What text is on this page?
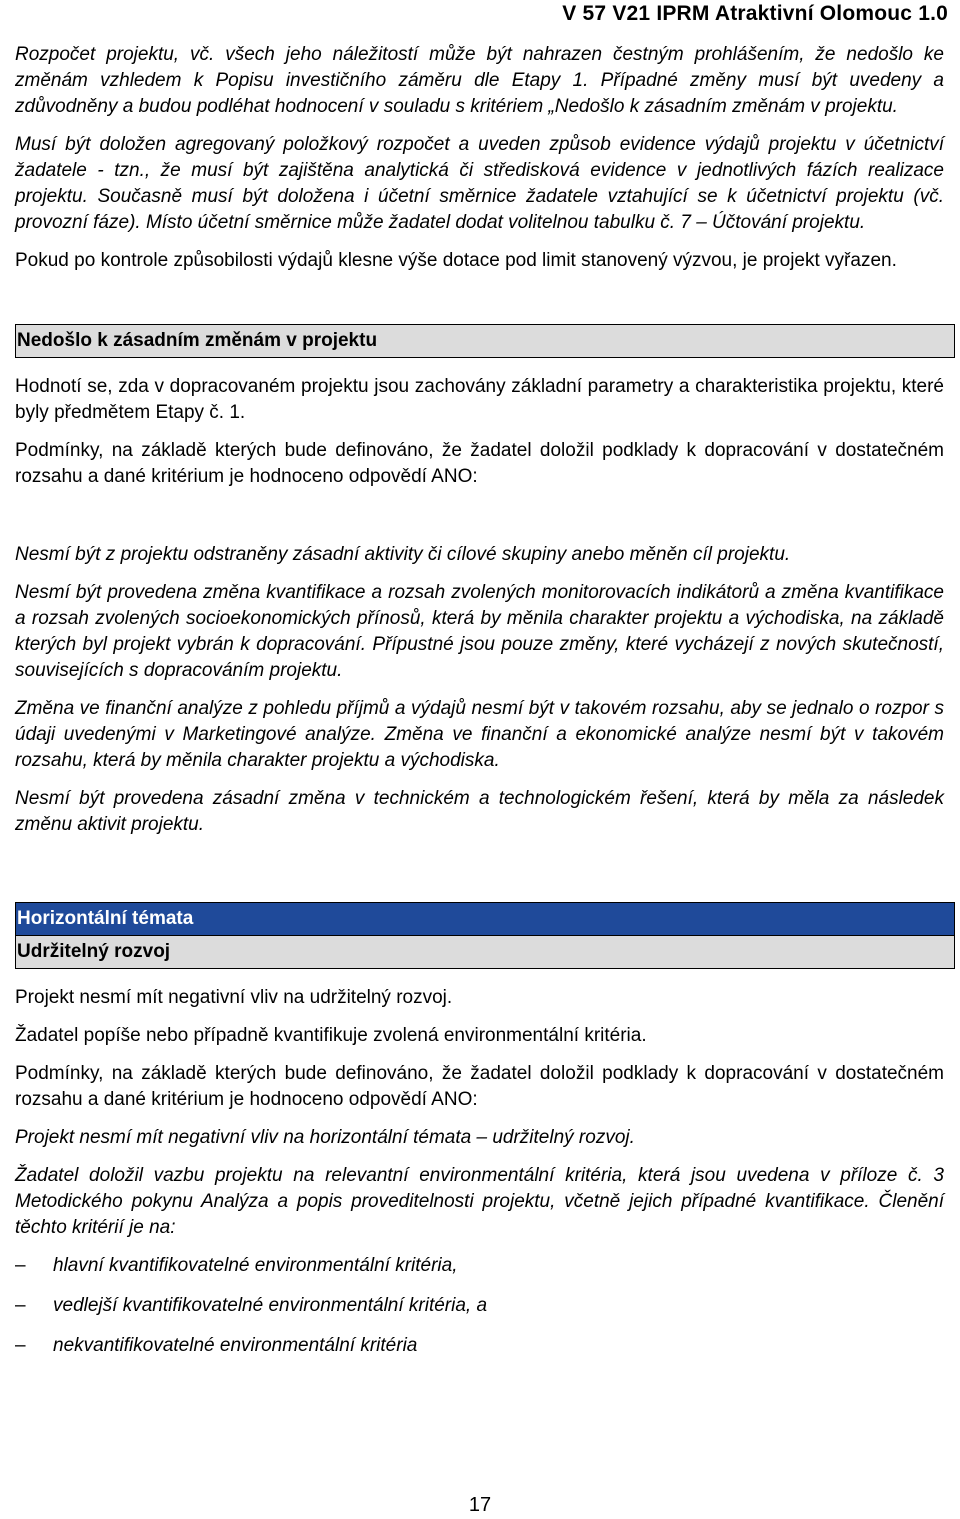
V 57 V21 IPRM Atraktivní Olomouc 1.0

Rozpočet projektu, vč. všech jeho náležitostí může být nahrazen čestným prohlášením, že nedošlo ke změnám vzhledem k Popisu investičního záměru dle Etapy 1. Případné změny musí být uvedeny a zdůvodněny a budou podléhat hodnocení v souladu s kritériem „Nedošlo k zásadním změnám v projektu.

Musí být doložen agregovaný položkový rozpočet a uveden způsob evidence výdajů projektu v účetnictví žadatele - tzn., že musí být zajištěna analytická či středisková evidence v jednotlivých fázích realizace projektu. Současně musí být doložena i účetní směrnice žadatele vztahující se k účetnictví projektu (vč. provozní fáze). Místo účetní směrnice může žadatel dodat volitelnou tabulku č. 7 – Účtování projektu.

Pokud po kontrole způsobilosti výdajů klesne výše dotace pod limit stanovený výzvou, je projekt vyřazen.

Nedošlo k zásadním změnám v projektu

Hodnotí se, zda v dopracovaném projektu jsou zachovány základní parametry a charakteristika projektu, které byly předmětem Etapy č. 1.

Podmínky, na základě kterých bude definováno, že žadatel doložil podklady k dopracování v dostatečném rozsahu a dané kritérium je hodnoceno odpovědí ANO:

Nesmí být z projektu odstraněny zásadní aktivity či cílové skupiny anebo měněn cíl projektu.

Nesmí být provedena změna kvantifikace a rozsah zvolených monitorovacích indikátorů a změna kvantifikace a rozsah zvolených socioekonomických přínosů, která by měnila charakter projektu a východiska, na základě kterých byl projekt vybrán k dopracování. Přípustné jsou pouze změny, které vycházejí z nových skutečností, souvisejících s dopracováním projektu.

Změna ve finanční analýze z pohledu příjmů a výdajů nesmí být v takovém rozsahu, aby se jednalo o rozpor s údaji uvedenými v Marketingové analýze. Změna ve finanční a ekonomické analýze nesmí být v takovém rozsahu, která by měnila charakter projektu a východiska.

Nesmí být provedena zásadní změna v technickém a technologickém řešení, která by měla za následek změnu aktivit projektu.

Horizontální témata
Udržitelný rozvoj

Projekt nesmí mít negativní vliv na udržitelný rozvoj.

Žadatel popíše nebo případně kvantifikuje zvolená environmentální kritéria.

Podmínky, na základě kterých bude definováno, že žadatel doložil podklady k dopracování v dostatečném rozsahu a dané kritérium je hodnoceno odpovědí ANO:

Projekt nesmí mít negativní vliv na horizontální témata – udržitelný rozvoj.

Žadatel doložil vazbu projektu na relevantní environmentální kritéria, která jsou uvedena v příloze č. 3 Metodického pokynu Analýza a popis proveditelnosti projektu, včetně jejich případné kvantifikace. Členění těchto kritérií je na:

– hlavní kvantifikovatelné environmentální kritéria,
– vedlejší kvantifikovatelné environmentální kritéria, a
– nekvantifikovatelné environmentální kritéria
17
